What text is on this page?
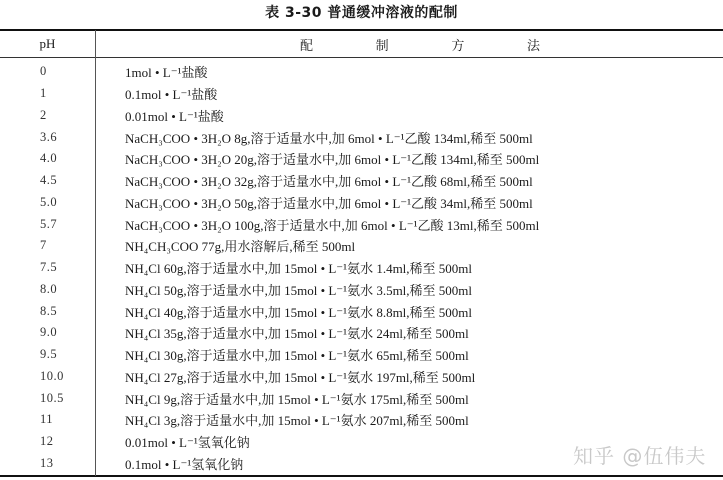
表 3-30 普通缓冲溶液的配制
pH	配	制	方	法
0	1mol • L⁻¹盐酸
1	0.1mol • L⁻¹盐酸
2	0.01mol • L⁻¹盐酸
3.6	NaCH₃COO • 3H₂O 8g,溶于适量水中,加 6mol • L⁻¹乙酸 134ml,稀至 500ml
4.0	NaCH₃COO • 3H₂O 20g,溶于适量水中,加 6mol • L⁻¹乙酸 134ml,稀至 500ml
4.5	NaCH₃COO • 3H₂O 32g,溶于适量水中,加 6mol • L⁻¹乙酸 68ml,稀至 500ml
5.0	NaCH₃COO • 3H₂O 50g,溶于适量水中,加 6mol • L⁻¹乙酸 34ml,稀至 500ml
5.7	NaCH₃COO • 3H₂O 100g,溶于适量水中,加 6mol • L⁻¹乙酸 13ml,稀至 500ml
7	NH₄CH₃COO 77g,用水溶解后,稀至 500ml
7.5	NH₄Cl 60g,溶于适量水中,加 15mol • L⁻¹氨水 1.4ml,稀至 500ml
8.0	NH₄Cl 50g,溶于适量水中,加 15mol • L⁻¹氨水 3.5ml,稀至 500ml
8.5	NH₄Cl 40g,溶于适量水中,加 15mol • L⁻¹氨水 8.8ml,稀至 500ml
9.0	NH₄Cl 35g,溶于适量水中,加 15mol • L⁻¹氨水 24ml,稀至 500ml
9.5	NH₄Cl 30g,溶于适量水中,加 15mol • L⁻¹氨水 65ml,稀至 500ml
10.0	NH₄Cl 27g,溶于适量水中,加 15mol • L⁻¹氨水 197ml,稀至 500ml
10.5	NH₄Cl 9g,溶于适量水中,加 15mol • L⁻¹氨水 175ml,稀至 500ml
11	NH₄Cl 3g,溶于适量水中,加 15mol • L⁻¹氨水 207ml,稀至 500ml
12	0.01mol • L⁻¹氢氧化钠
13	0.1mol • L⁻¹氢氧化钠	知乎 @伍伟夫
